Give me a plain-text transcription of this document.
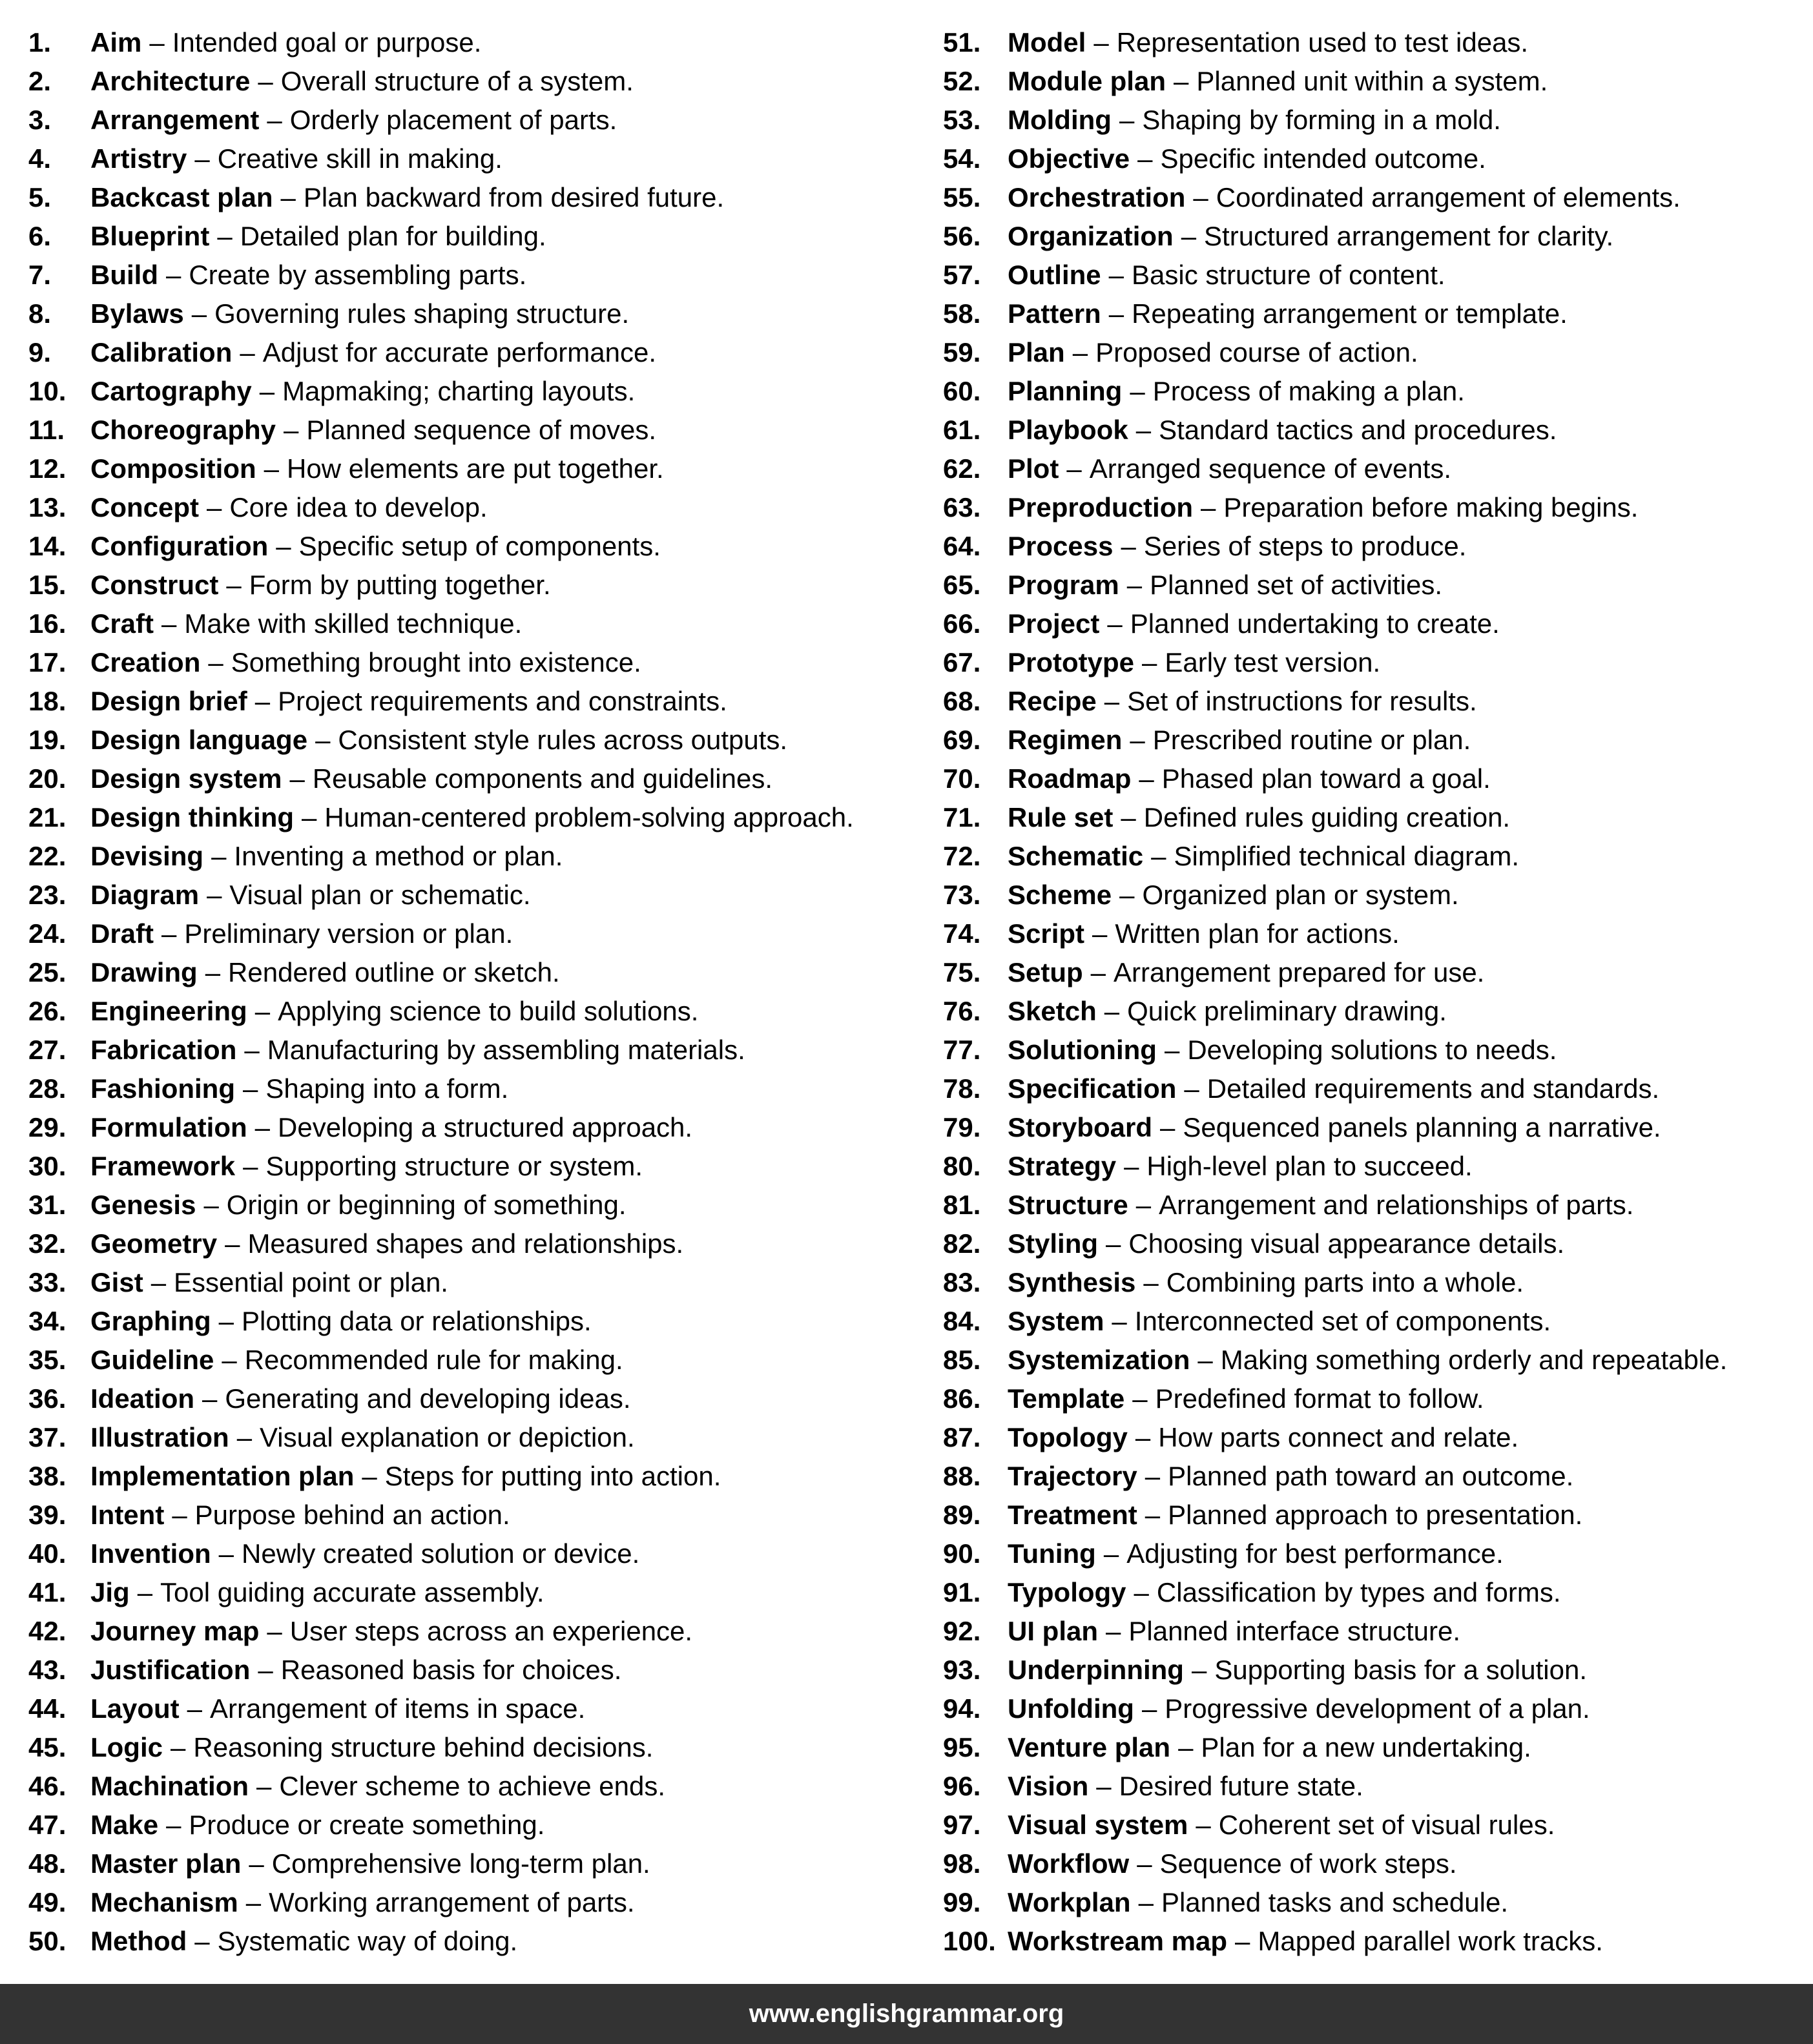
1.	Aim – Intended goal or purpose.
2.	Architecture – Overall structure of a system.
3.	Arrangement – Orderly placement of parts.
4.	Artistry – Creative skill in making.
5.	Backcast plan – Plan backward from desired future.
6.	Blueprint – Detailed plan for building.
7.	Build – Create by assembling parts.
8.	Bylaws – Governing rules shaping structure.
9.	Calibration – Adjust for accurate performance.
10. Cartography – Mapmaking; charting layouts.
11. Choreography – Planned sequence of moves.
12. Composition – How elements are put together.
13. Concept – Core idea to develop.
14. Configuration – Specific setup of components.
15. Construct – Form by putting together.
16. Craft – Make with skilled technique.
17. Creation – Something brought into existence.
18. Design brief – Project requirements and constraints.
19. Design language – Consistent style rules across outputs.
20. Design system – Reusable components and guidelines.
21. Design thinking – Human-centered problem-solving approach.
22. Devising – Inventing a method or plan.
23. Diagram – Visual plan or schematic.
24. Draft – Preliminary version or plan.
25. Drawing – Rendered outline or sketch.
26. Engineering – Applying science to build solutions.
27. Fabrication – Manufacturing by assembling materials.
28. Fashioning – Shaping into a form.
29. Formulation – Developing a structured approach.
30. Framework – Supporting structure or system.
31. Genesis – Origin or beginning of something.
32. Geometry – Measured shapes and relationships.
33. Gist – Essential point or plan.
34. Graphing – Plotting data or relationships.
35. Guideline – Recommended rule for making.
36. Ideation – Generating and developing ideas.
37. Illustration – Visual explanation or depiction.
38. Implementation plan – Steps for putting into action.
39. Intent – Purpose behind an action.
40. Invention – Newly created solution or device.
41. Jig – Tool guiding accurate assembly.
42. Journey map – User steps across an experience.
43. Justification – Reasoned basis for choices.
44. Layout – Arrangement of items in space.
45. Logic – Reasoning structure behind decisions.
46. Machination – Clever scheme to achieve ends.
47. Make – Produce or create something.
48. Master plan – Comprehensive long-term plan.
49. Mechanism – Working arrangement of parts.
50. Method – Systematic way of doing.
51. Model – Representation used to test ideas.
52. Module plan – Planned unit within a system.
53. Molding – Shaping by forming in a mold.
54. Objective – Specific intended outcome.
55. Orchestration – Coordinated arrangement of elements.
56. Organization – Structured arrangement for clarity.
57. Outline – Basic structure of content.
58. Pattern – Repeating arrangement or template.
59. Plan – Proposed course of action.
60. Planning – Process of making a plan.
61. Playbook – Standard tactics and procedures.
62. Plot – Arranged sequence of events.
63. Preproduction – Preparation before making begins.
64. Process – Series of steps to produce.
65. Program – Planned set of activities.
66. Project – Planned undertaking to create.
67. Prototype – Early test version.
68. Recipe – Set of instructions for results.
69. Regimen – Prescribed routine or plan.
70. Roadmap – Phased plan toward a goal.
71. Rule set – Defined rules guiding creation.
72. Schematic – Simplified technical diagram.
73. Scheme – Organized plan or system.
74. Script – Written plan for actions.
75. Setup – Arrangement prepared for use.
76. Sketch – Quick preliminary drawing.
77. Solutioning – Developing solutions to needs.
78. Specification – Detailed requirements and standards.
79. Storyboard – Sequenced panels planning a narrative.
80. Strategy – High-level plan to succeed.
81. Structure – Arrangement and relationships of parts.
82. Styling – Choosing visual appearance details.
83. Synthesis – Combining parts into a whole.
84. System – Interconnected set of components.
85. Systemization – Making something orderly and repeatable.
86. Template – Predefined format to follow.
87. Topology – How parts connect and relate.
88. Trajectory – Planned path toward an outcome.
89. Treatment – Planned approach to presentation.
90. Tuning – Adjusting for best performance.
91. Typology – Classification by types and forms.
92. UI plan – Planned interface structure.
93. Underpinning – Supporting basis for a solution.
94. Unfolding – Progressive development of a plan.
95. Venture plan – Plan for a new undertaking.
96. Vision – Desired future state.
97. Visual system – Coherent set of visual rules.
98. Workflow – Sequence of work steps.
99. Workplan – Planned tasks and schedule.
100. Workstream map – Mapped parallel work tracks.
www.englishgrammar.org
